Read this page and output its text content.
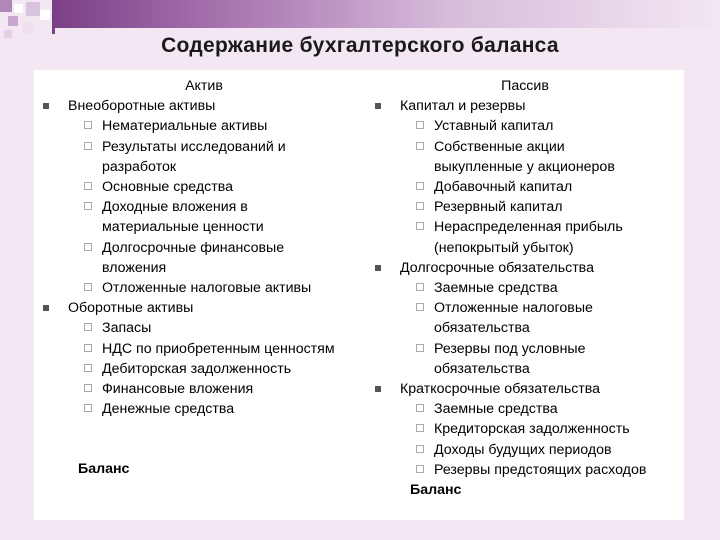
Содержание бухгалтерского баланса
Актив
Внеоборотные активы
Нематериальные активы
Результаты исследований и
разработок
Основные средства
Доходные вложения в
материальные ценности
Долгосрочные финансовые
вложения
Отложенные налоговые активы
Оборотные активы
Запасы
НДС по приобретенным ценностям
Дебиторская задолженность
Финансовые вложения
Денежные средства
Баланс
Пассив
Капитал и резервы
Уставный капитал
Собственные акции
выкупленные у акционеров
Добавочный капитал
Резервный капитал
Нераспределенная прибыль
(непокрытый убыток)
Долгосрочные обязательства
Заемные средства
Отложенные налоговые
обязательства
Резервы под условные
обязательства
Краткосрочные обязательства
Заемные средства
Кредиторская задолженность
Доходы будущих периодов
Резервы предстоящих расходов
Баланс
